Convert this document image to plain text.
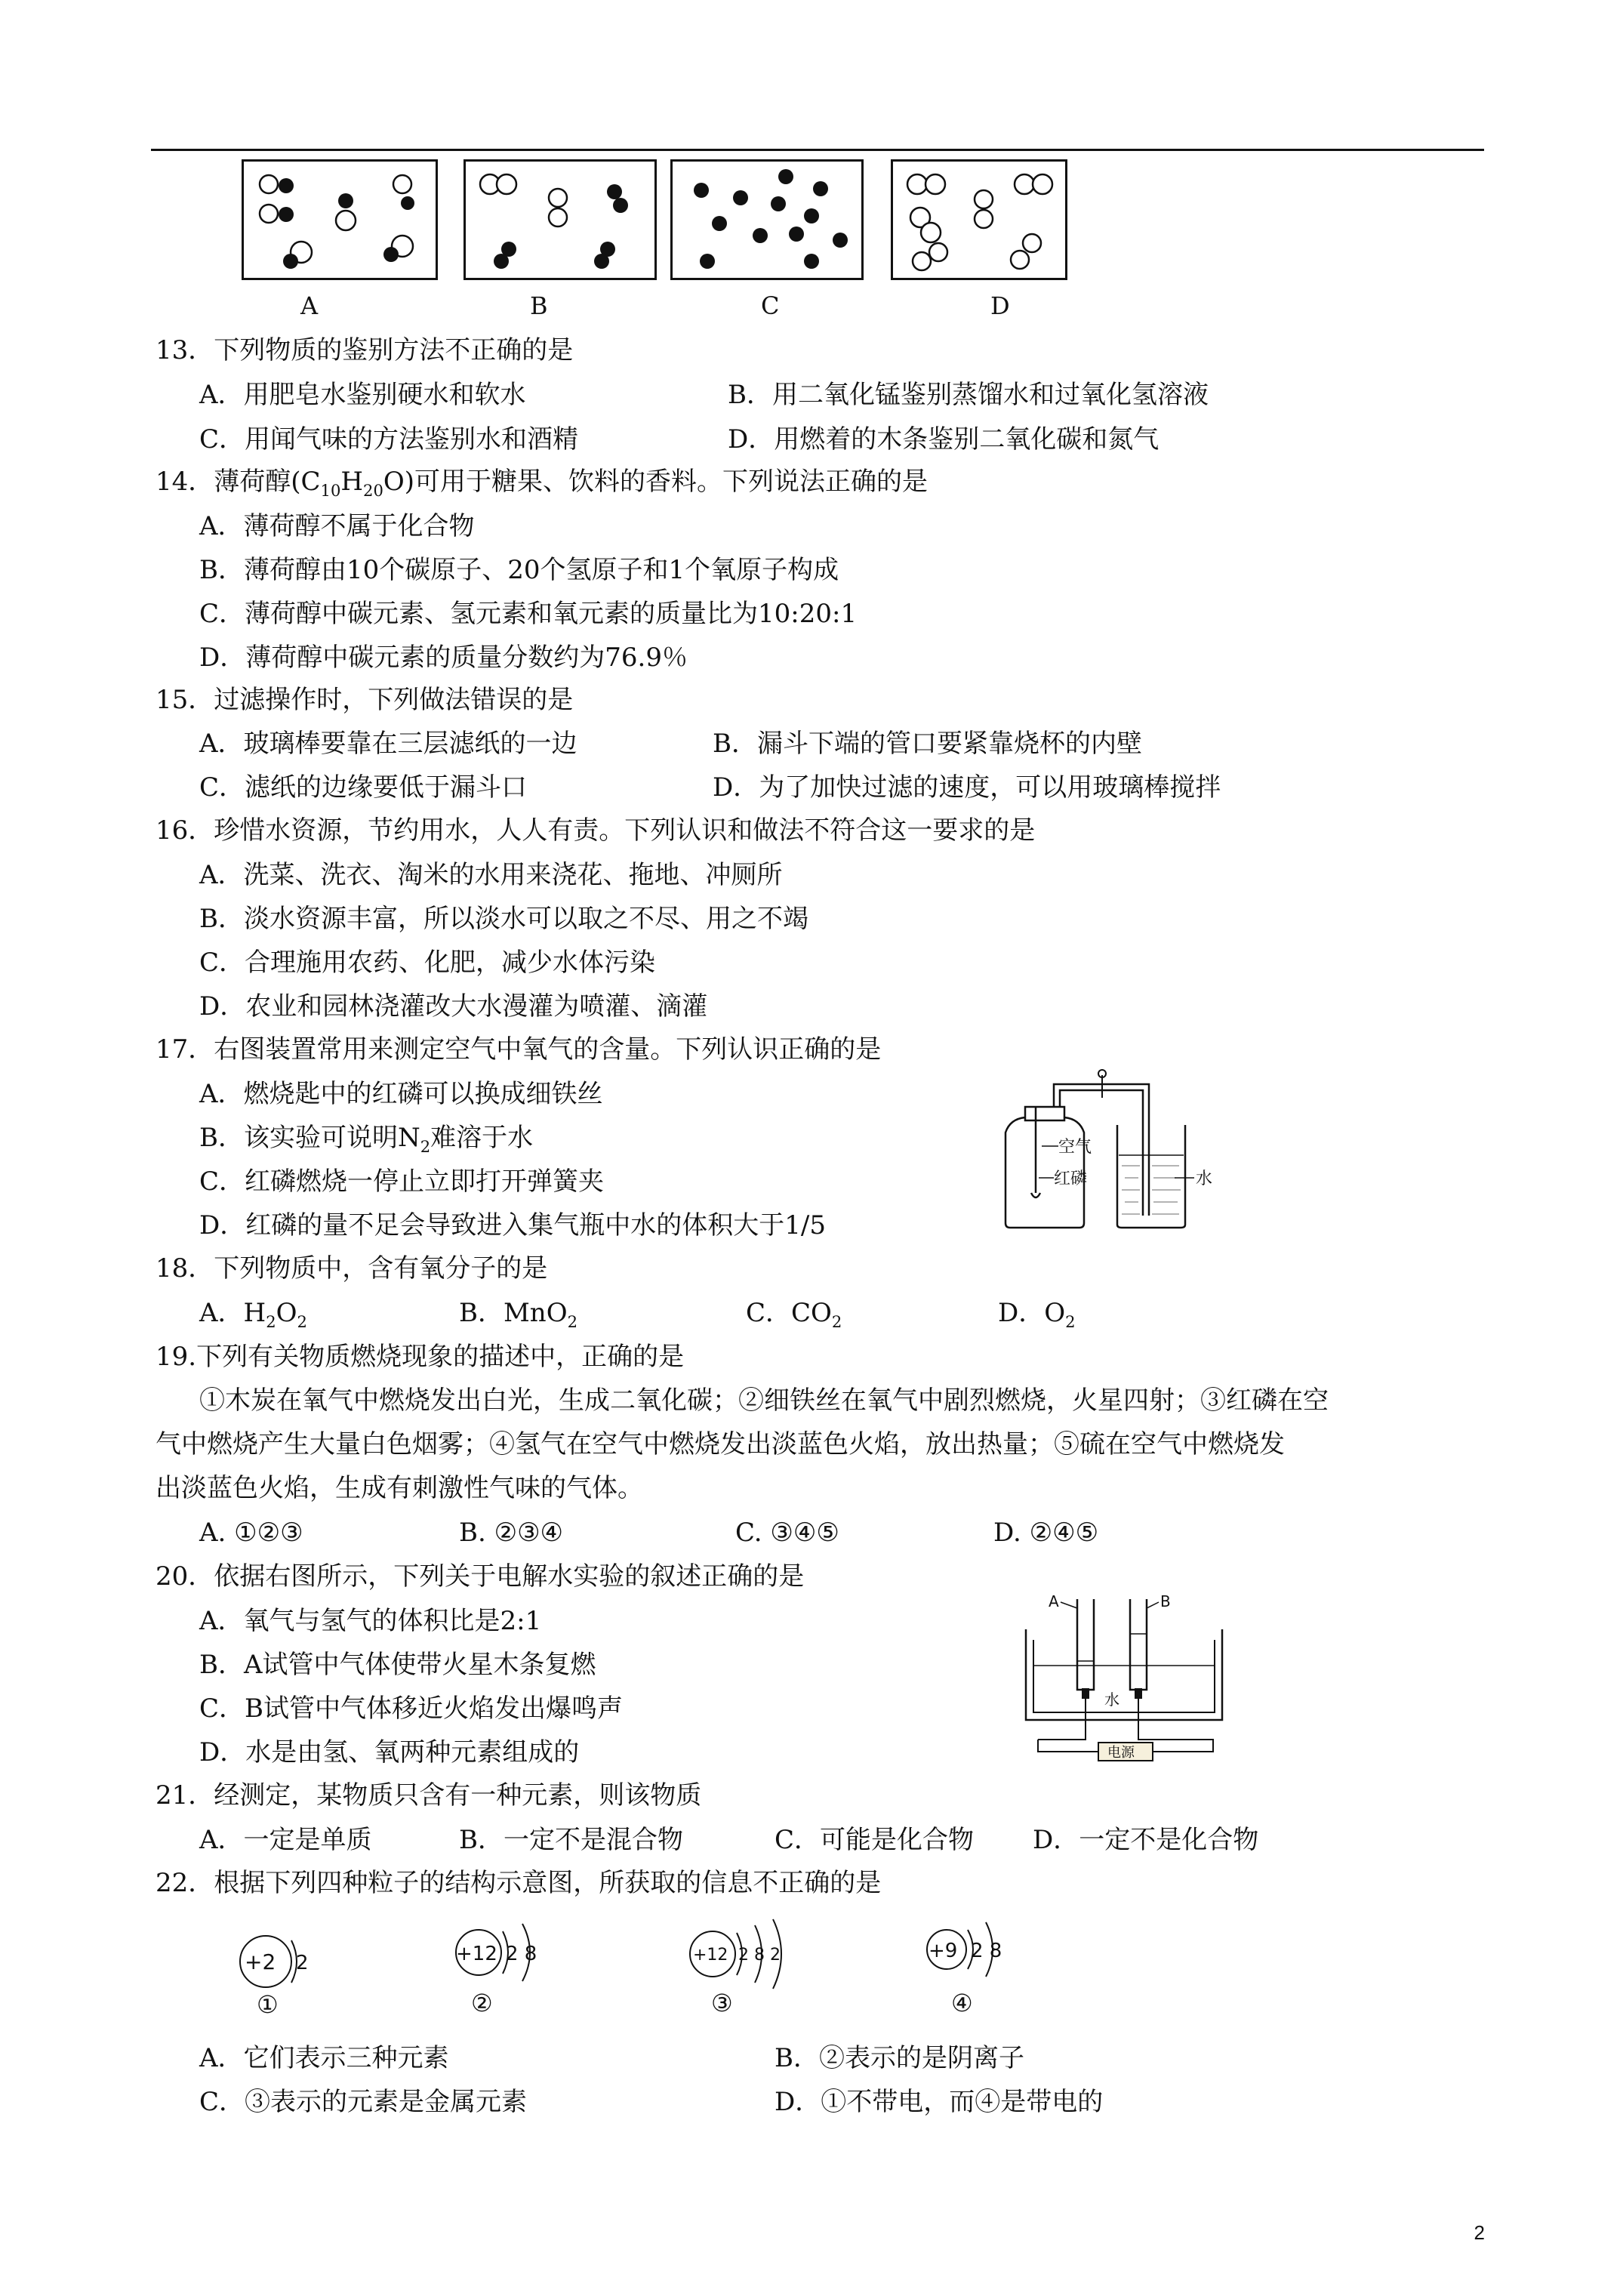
A	B	C	D
13．下列物质的鉴别方法不正确的是
A．用肥皂水鉴别硬水和软水	B．用二氧化锰鉴别蒸馏水和过氧化氢溶液
C．用闻气味的方法鉴别水和酒精	D．用燃着的木条鉴别二氧化碳和氮气
14．薄荷醇$(C_{10}H_{20}O)$可用于糖果、饮料的香料。下列说法正确的是
A．薄荷醇不属于化合物
B．薄荷醇由10个碳原子、20个氢原子和1个氧原子构成
C．薄荷醇中碳元素、氢元素和氧元素的质量比为10:20:1
D．薄荷醇中碳元素的质量分数约为76.9％
15．过滤操作时，下列做法错误的是
A．玻璃棒要靠在三层滤纸的一边	B．漏斗下端的管口要紧靠烧杯的内壁
C．滤纸的边缘要低于漏斗口	D．为了加快过滤的速度，可以用玻璃棒搅拌
16．珍惜水资源，节约用水，人人有责。下列认识和做法不符合这一要求的是
A．洗菜、洗衣、淘米的水用来浇花、拖地、冲厕所
B．淡水资源丰富，所以淡水可以取之不尽、用之不竭
C．合理施用农药、化肥，减少水体污染
D．农业和园林浇灌改大水漫灌为喷灌、滴灌
17．右图装置常用来测定空气中氧气的含量。下列认识正确的是
A．燃烧匙中的红磷可以换成细铁丝
B．该实验可说明$N_2$难溶于水
C．红磷燃烧一停止立即打开弹簧夹
D．红磷的量不足会导致进入集气瓶中水的体积大于1/5
空气
红磷	水
18．下列物质中，含有氧分子的是
A．$H_2O_2$	B．MnO$_2$	C．$CO_2$	D．$O_2$
19.下列有关物质燃烧现象的描述中，正确的是
①木炭在氧气中燃烧发出白光，生成二氧化碳；②细铁丝在氧气中剧烈燃烧，火星四射；③红磷在空
气中燃烧产生大量白色烟雾；④氢气在空气中燃烧发出淡蓝色火焰，放出热量；⑤硫在空气中燃烧发
出淡蓝色火焰，生成有刺激性气味的气体。
A. ①②③	B. ②③④	C. ③④⑤	D. ②④⑤
20．依据右图所示，下列关于电解水实验的叙述正确的是
A．氧气与氢气的体积比是2:1
B．A试管中气体使带火星木条复燃
C．B试管中气体移近火焰发出爆鸣声
D．水是由氢、氧两种元素组成的
A	B
水
电源
21．经测定，某物质只含有一种元素，则该物质
A．一定是单质	B．一定不是混合物	C．可能是化合物 D．一定不是化合物
22．根据下列四种粒子的结构示意图，所获取的信息不正确的是
+2 2
①
+12 2 8
②
+12 2 8 2
③
+9 2 8
④
A．它们表示三种元素	B．②表示的是阴离子
C．③表示的元素是金属元素	D．①不带电，而④是带电的
2
